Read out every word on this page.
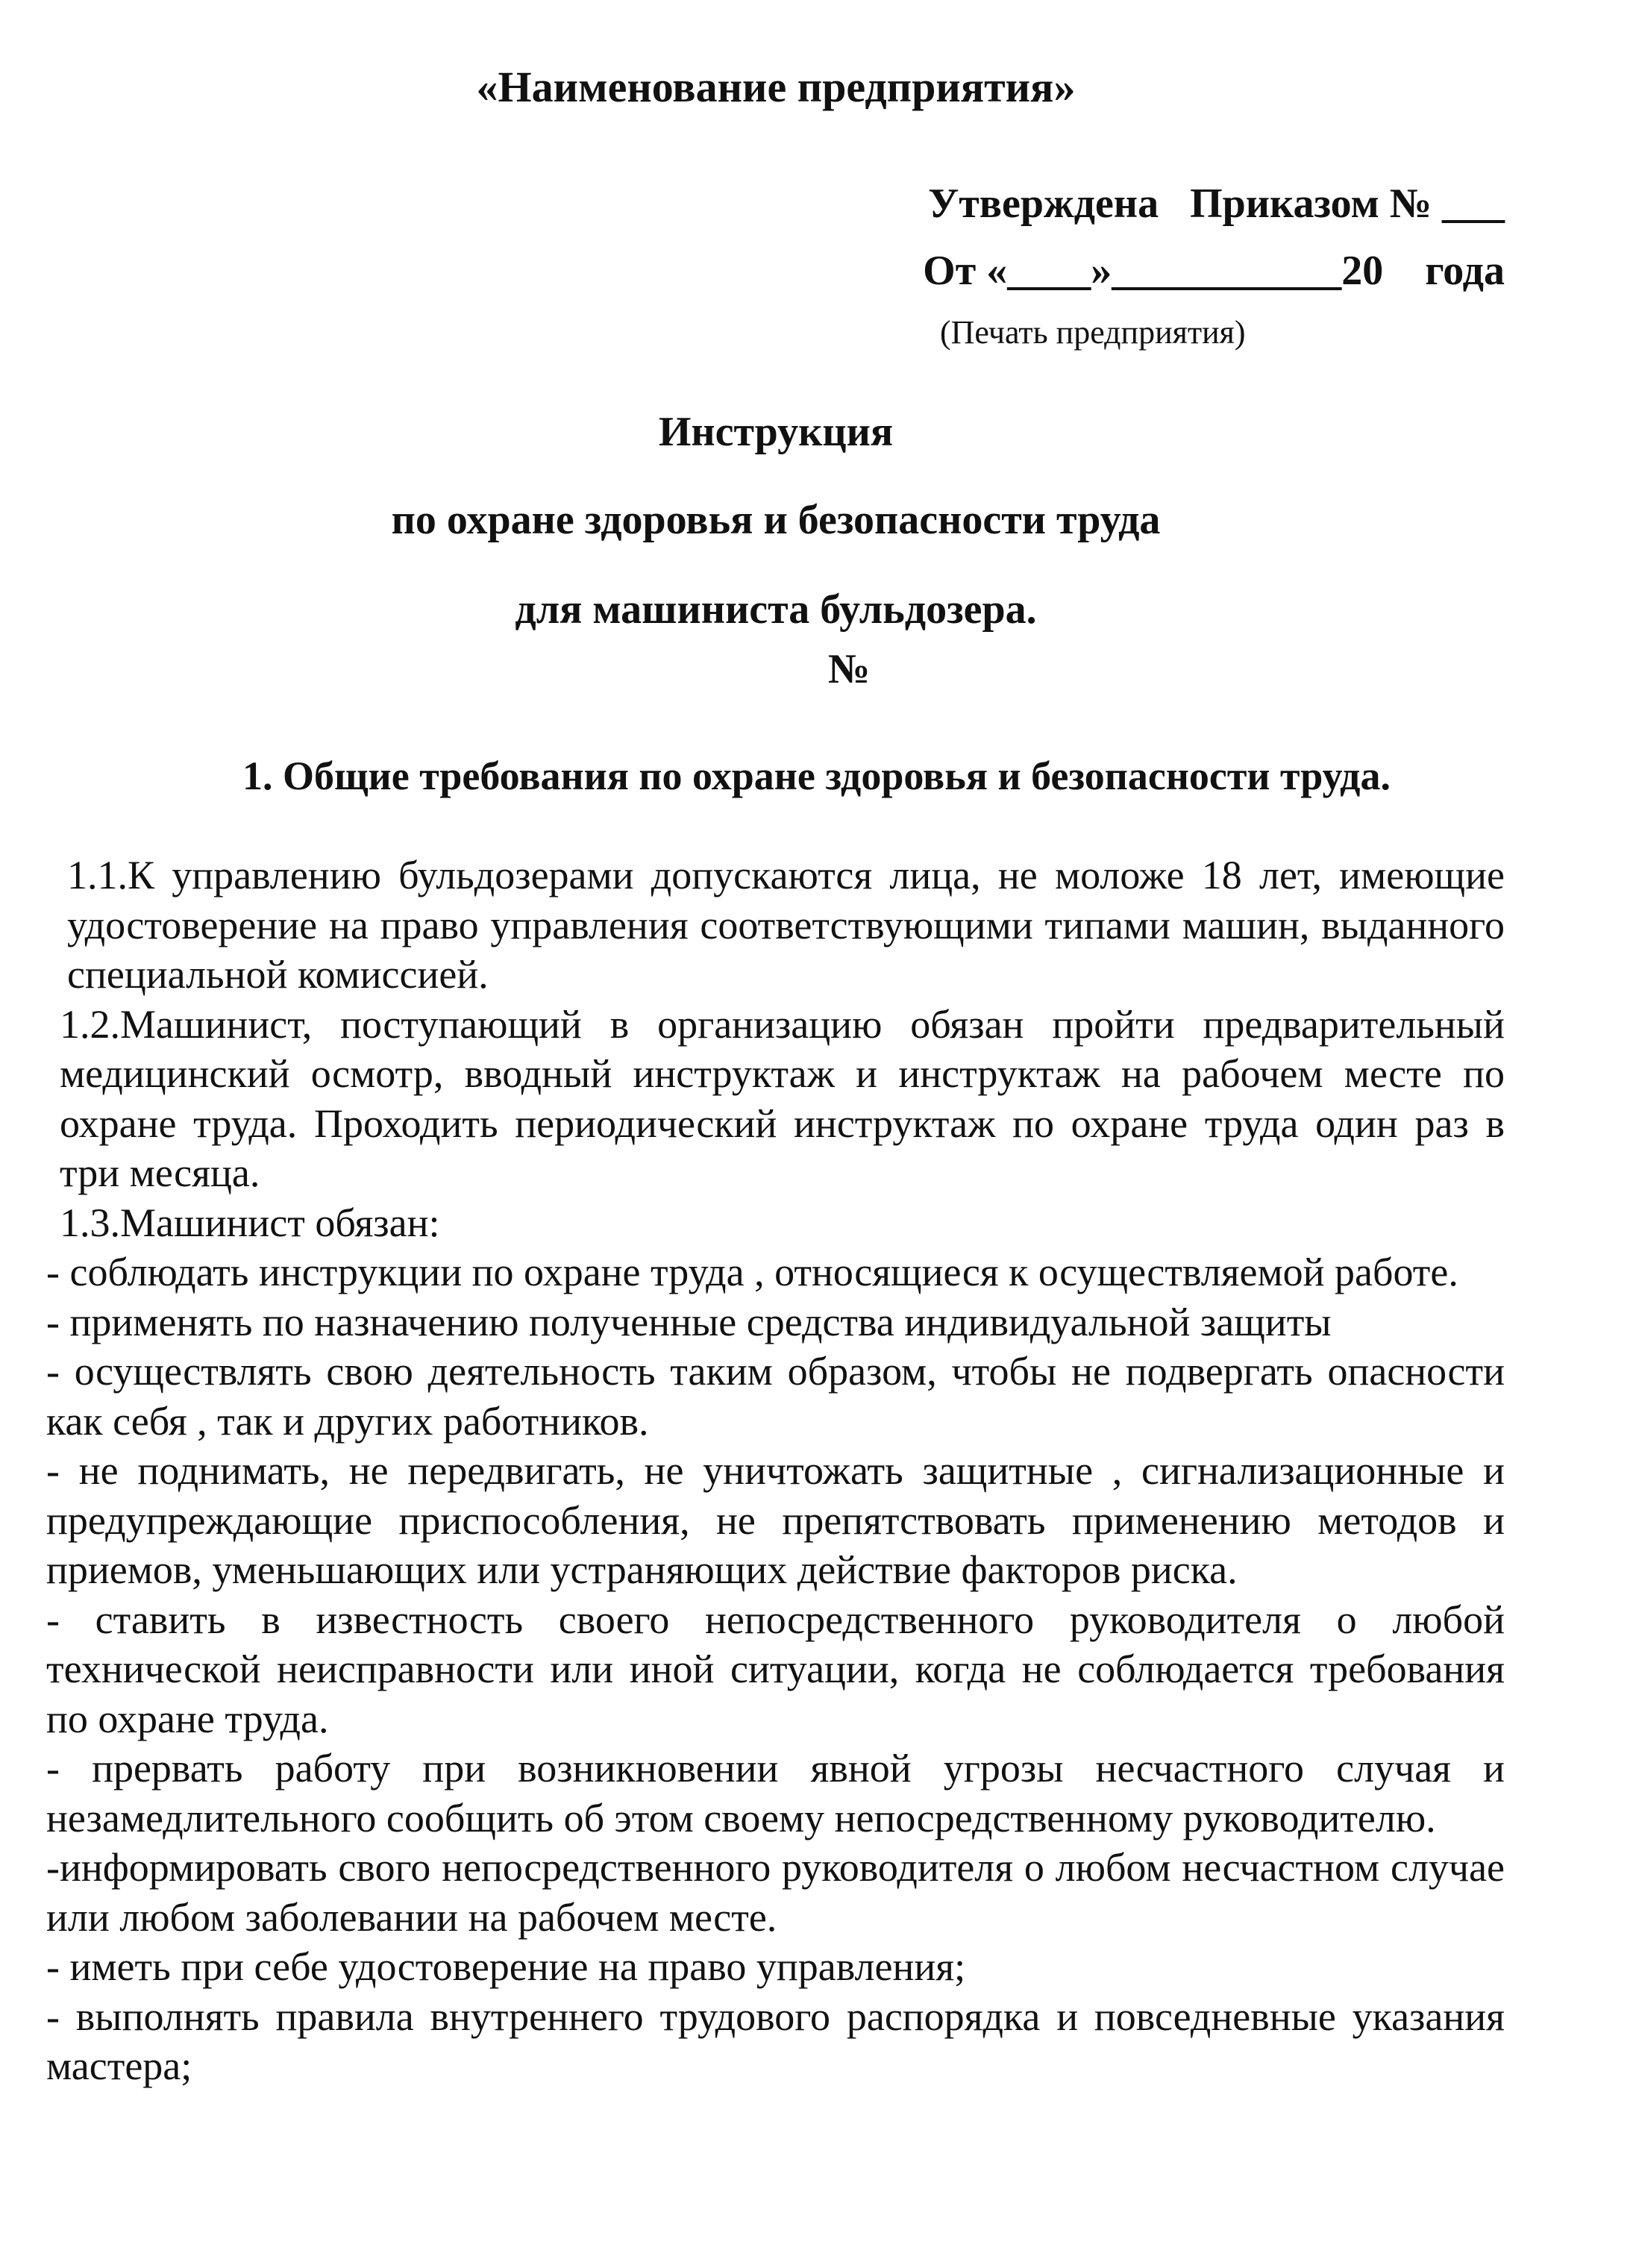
«Наименование предприятия»
Утверждена   Приказом № ___
От «____»___________20    года
(Печать предприятия)
Инструкция
по охране здоровья и безопасности труда
для машиниста бульдозера.
№
1. Общие требования по охране здоровья и безопасности труда.

1.1.К управлению бульдозерами допускаются лица, не моложе 18 лет, имеющие удостоверение на право управления соответствующими типами машин, выданного специальной комиссией.

1.2.Машинист, поступающий в организацию обязан пройти предварительный медицинский осмотр, вводный инструктаж и инструктаж на рабочем месте по охране труда. Проходить периодический инструктаж по охране труда один раз в три месяца.

1.3.Машинист обязан:

- соблюдать инструкции по охране труда , относящиеся к осуществляемой работе.

- применять по назначению полученные средства индивидуальной защиты

- осуществлять свою деятельность таким образом, чтобы не подвергать опасности как себя , так и других работников.

- не поднимать, не передвигать, не уничтожать защитные , сигнализационные и предупреждающие приспособления, не препятствовать применению методов и приемов, уменьшающих или устраняющих действие факторов риска.

- ставить в известность своего непосредственного руководителя о любой технической неисправности или иной ситуации, когда не соблюдается требования по охране труда.

- прервать работу при возникновении явной угрозы несчастного случая и незамедлительного сообщить об этом своему непосредственному руководителю.

-информировать свого непосредственного руководителя о любом несчастном случае или любом заболевании на рабочем месте.

- иметь при себе удостоверение на право управления;

- выполнять правила внутреннего трудового распорядка и повседневные указания мастера;
